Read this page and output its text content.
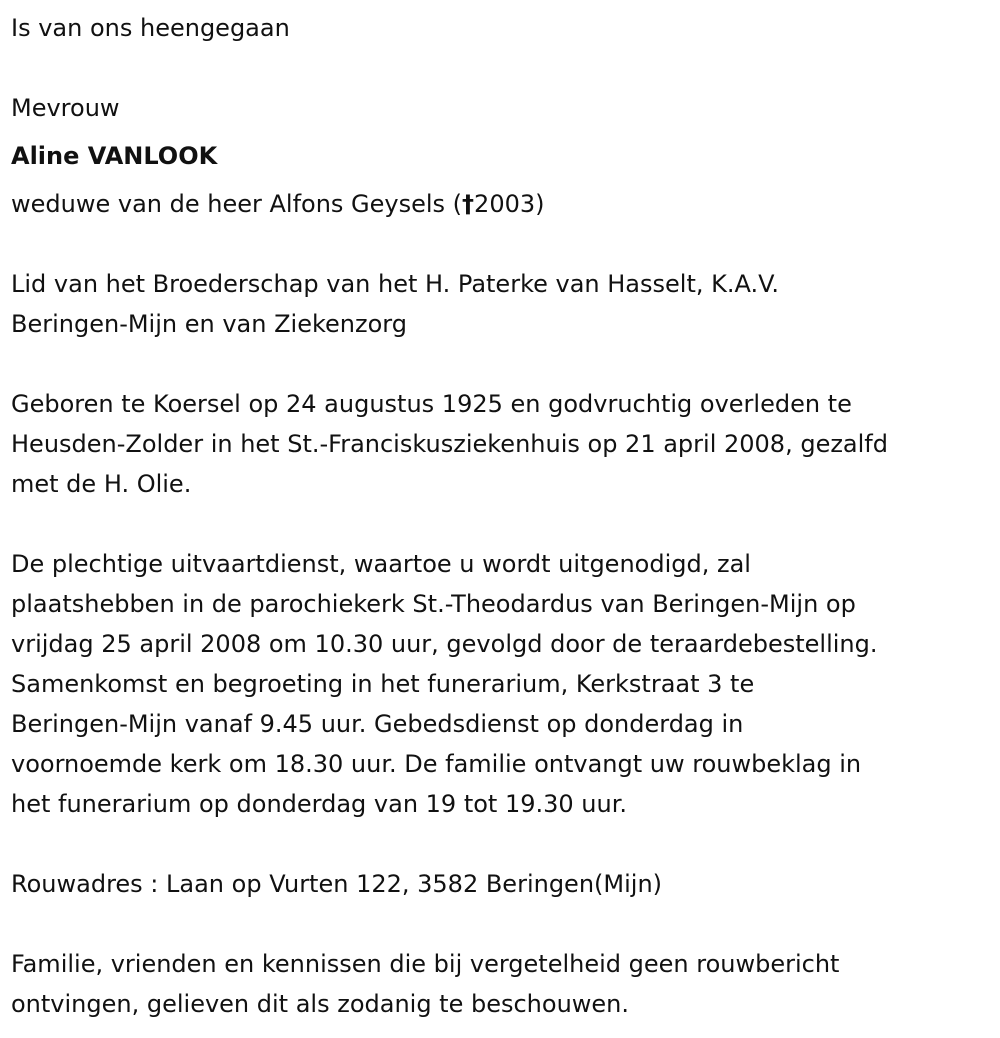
Is van ons heengegaan
Mevrouw
Aline VANLOOK
weduwe van de heer Alfons Geysels (†2003)
Lid van het Broederschap van het H. Paterke van Hasselt, K.A.V.
Beringen-Mijn en van Ziekenzorg
Geboren te Koersel op 24 augustus 1925 en godvruchtig overleden te
Heusden-Zolder in het St.-Franciskusziekenhuis op 21 april 2008, gezalfd
met de H. Olie.
De plechtige uitvaartdienst, waartoe u wordt uitgenodigd, zal
plaatshebben in de parochiekerk St.-Theodardus van Beringen-Mijn op
vrijdag 25 april 2008 om 10.30 uur, gevolgd door de teraardebestelling.
Samenkomst en begroeting in het funerarium, Kerkstraat 3 te
Beringen-Mijn vanaf 9.45 uur. Gebedsdienst op donderdag in
voornoemde kerk om 18.30 uur. De familie ontvangt uw rouwbeklag in
het funerarium op donderdag van 19 tot 19.30 uur.
Rouwadres : Laan op Vurten 122, 3582 Beringen(Mijn)
Familie, vrienden en kennissen die bij vergetelheid geen rouwbericht
ontvingen, gelieven dit als zodanig te beschouwen.
